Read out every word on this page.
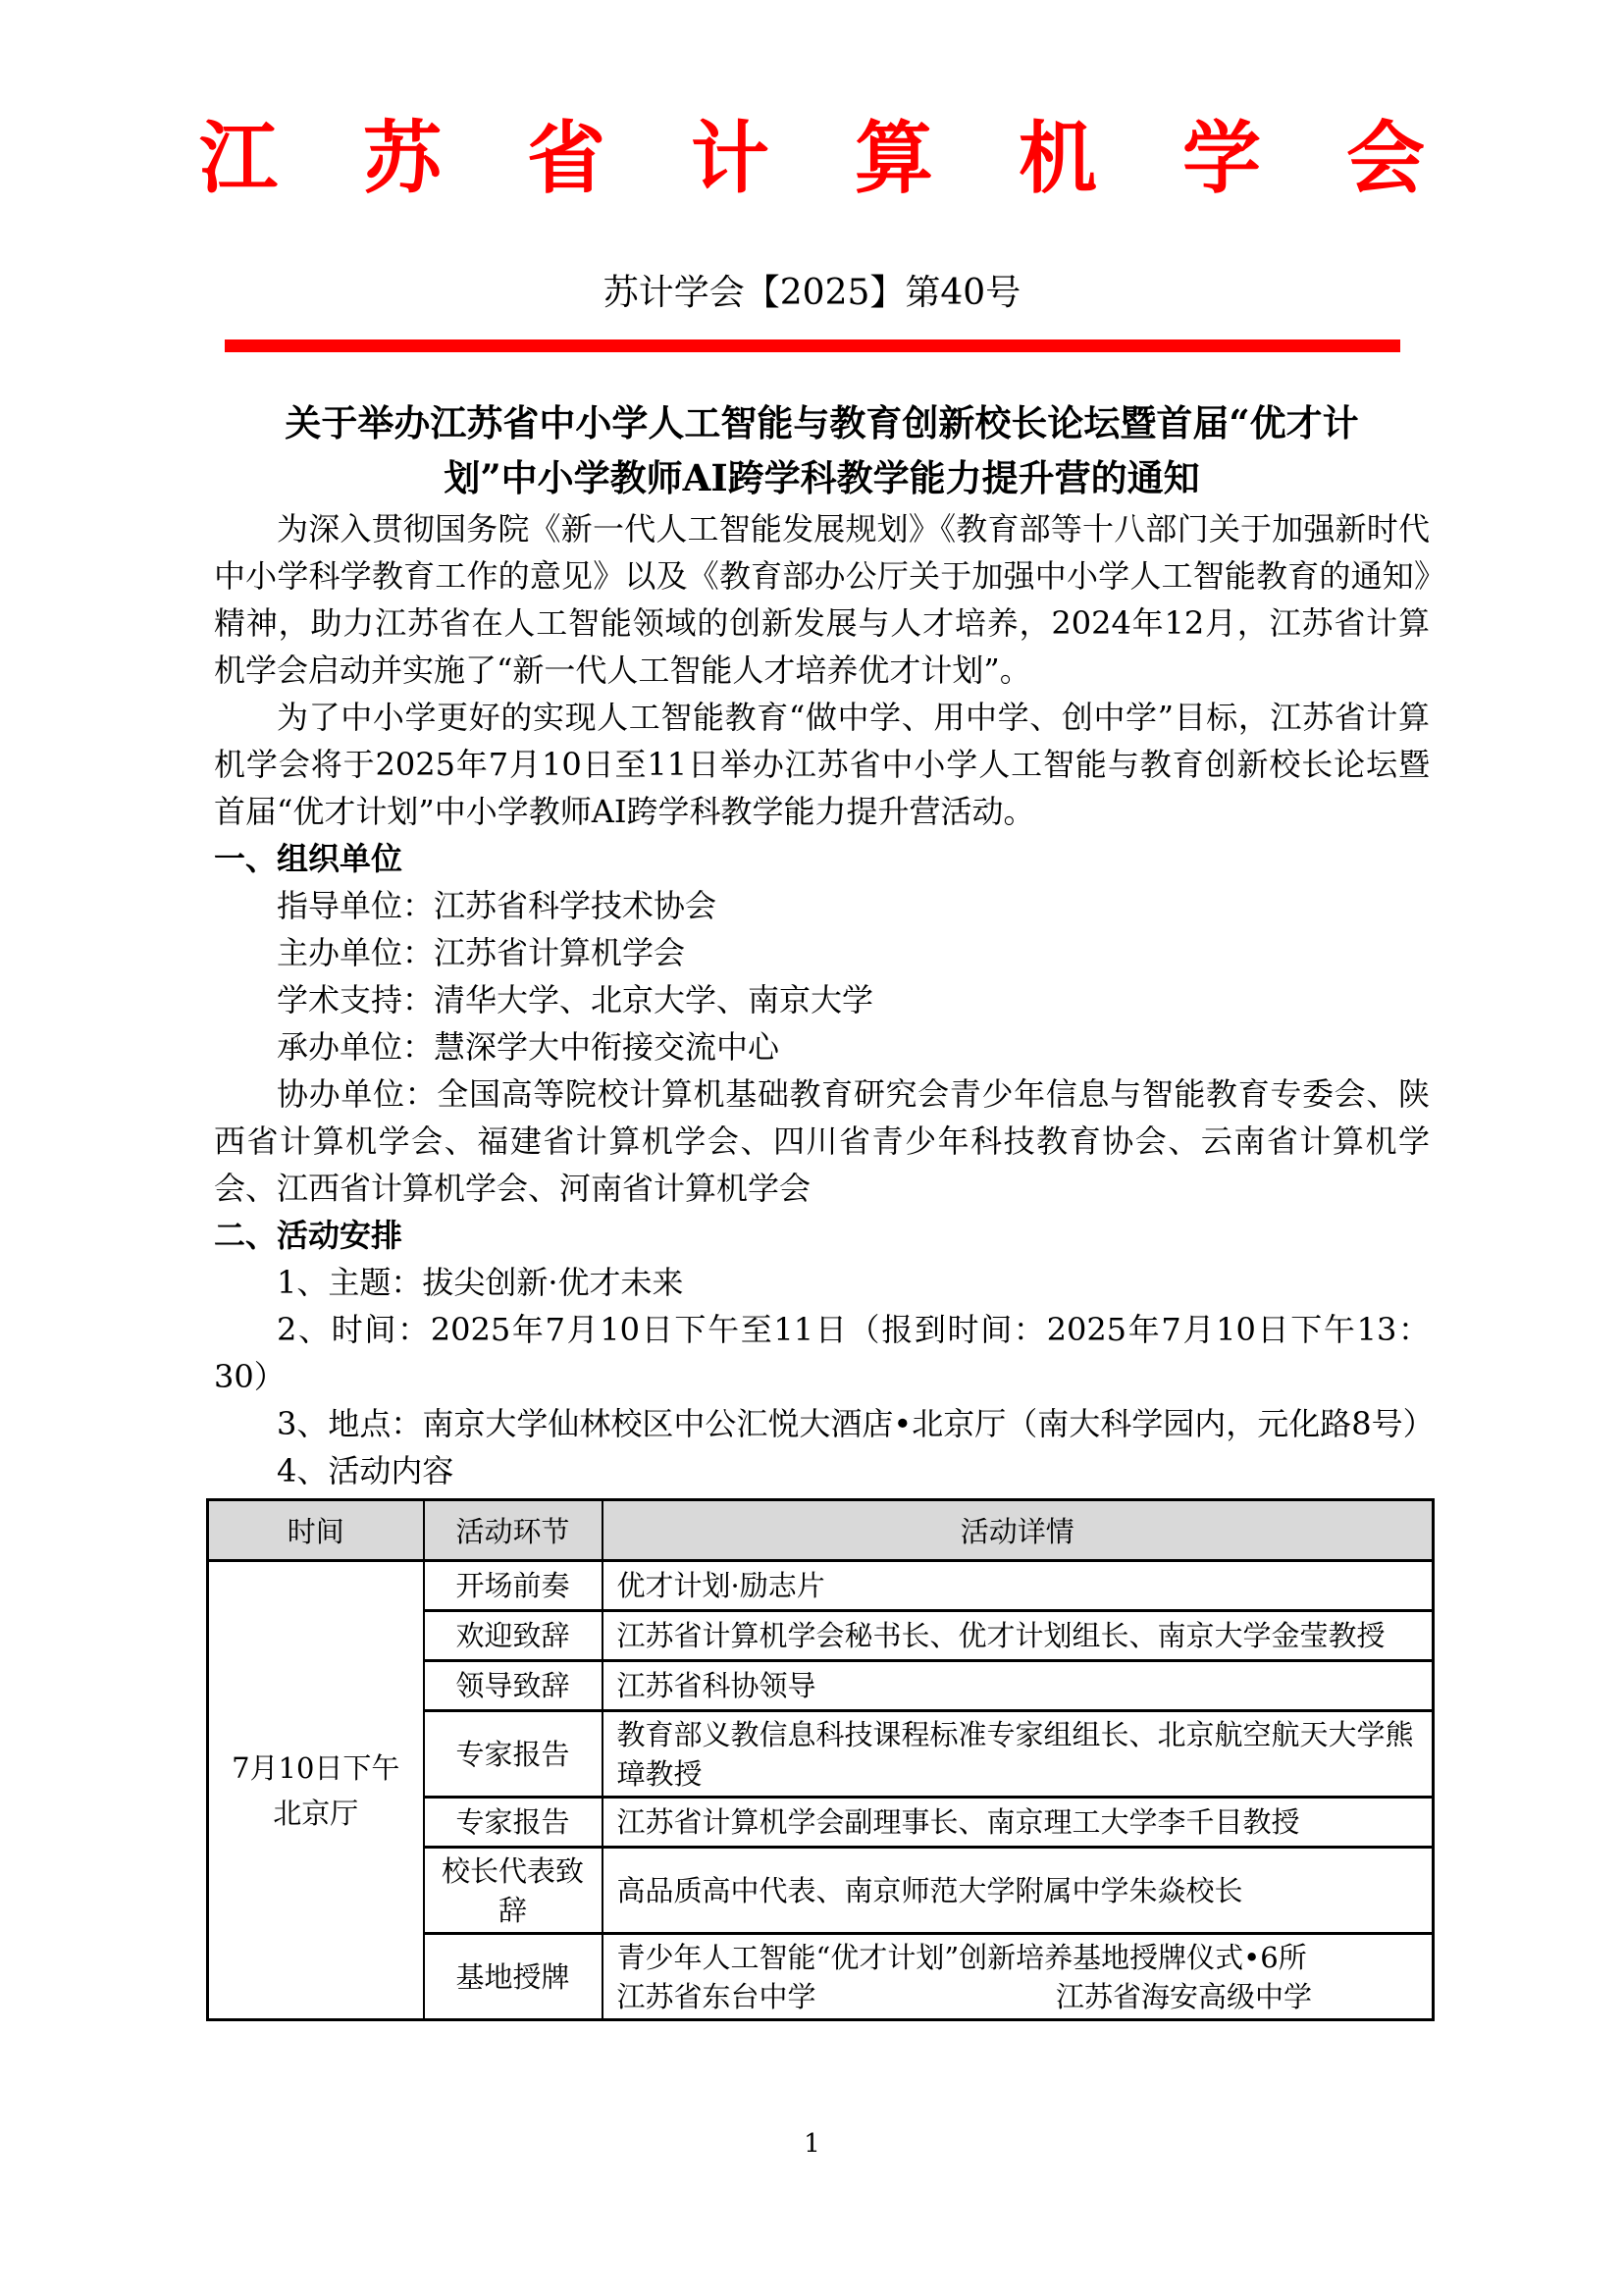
江苏省计算机学会
苏计学会【2025】第40号
关于举办江苏省中小学人工智能与教育创新校长论坛暨首届“优才计
划”中小学教师AI跨学科教学能力提升营的通知

为深入贯彻国务院《新一代人工智能发展规划》《教育部等十八部门关于加强新时代中小学科学教育工作的意见》以及《教育部办公厅关于加强中小学人工智能教育的通知》精神，助力江苏省在人工智能领域的创新发展与人才培养，2024年12月，江苏省计算机学会启动并实施了“新一代人工智能人才培养优才计划”。

为了中小学更好的实现人工智能教育“做中学、用中学、创中学”目标，江苏省计算机学会将于2025年7月10日至11日举办江苏省中小学人工智能与教育创新校长论坛暨首届“优才计划”中小学教师AI跨学科教学能力提升营活动。

一、组织单位

指导单位：江苏省科学技术协会

主办单位：江苏省计算机学会

学术支持：清华大学、北京大学、南京大学

承办单位：慧深学大中衔接交流中心

协办单位：全国高等院校计算机基础教育研究会青少年信息与智能教育专委会、陕西省计算机学会、福建省计算机学会、四川省青少年科技教育协会、云南省计算机学会、江西省计算机学会、河南省计算机学会

二、活动安排

1、主题：拔尖创新·优才未来

2、时间：2025年7月10日下午至11日（报到时间：2025年7月10日下午13：30）

3、地点：南京大学仙林校区中公汇悦大酒店•北京厅（南大科学园内，元化路8号）

4、活动内容

时间	活动环节	活动详情

7月10日下午
北京厅	开场前奏	优才计划·励志片
	欢迎致辞	江苏省计算机学会秘书长、优才计划组长、南京大学金莹教授
	领导致辞	江苏省科协领导
	专家报告	教育部义教信息科技课程标准专家组组长、北京航空航天大学熊璋教授
	专家报告	江苏省计算机学会副理事长、南京理工大学李千目教授
	校长代表致辞	高品质高中代表、南京师范大学附属中学朱焱校长
	基地授牌	青少年人工智能“优才计划”创新培养基地授牌仪式•6所
江苏省东台中学 江苏省海安高级中学
1
